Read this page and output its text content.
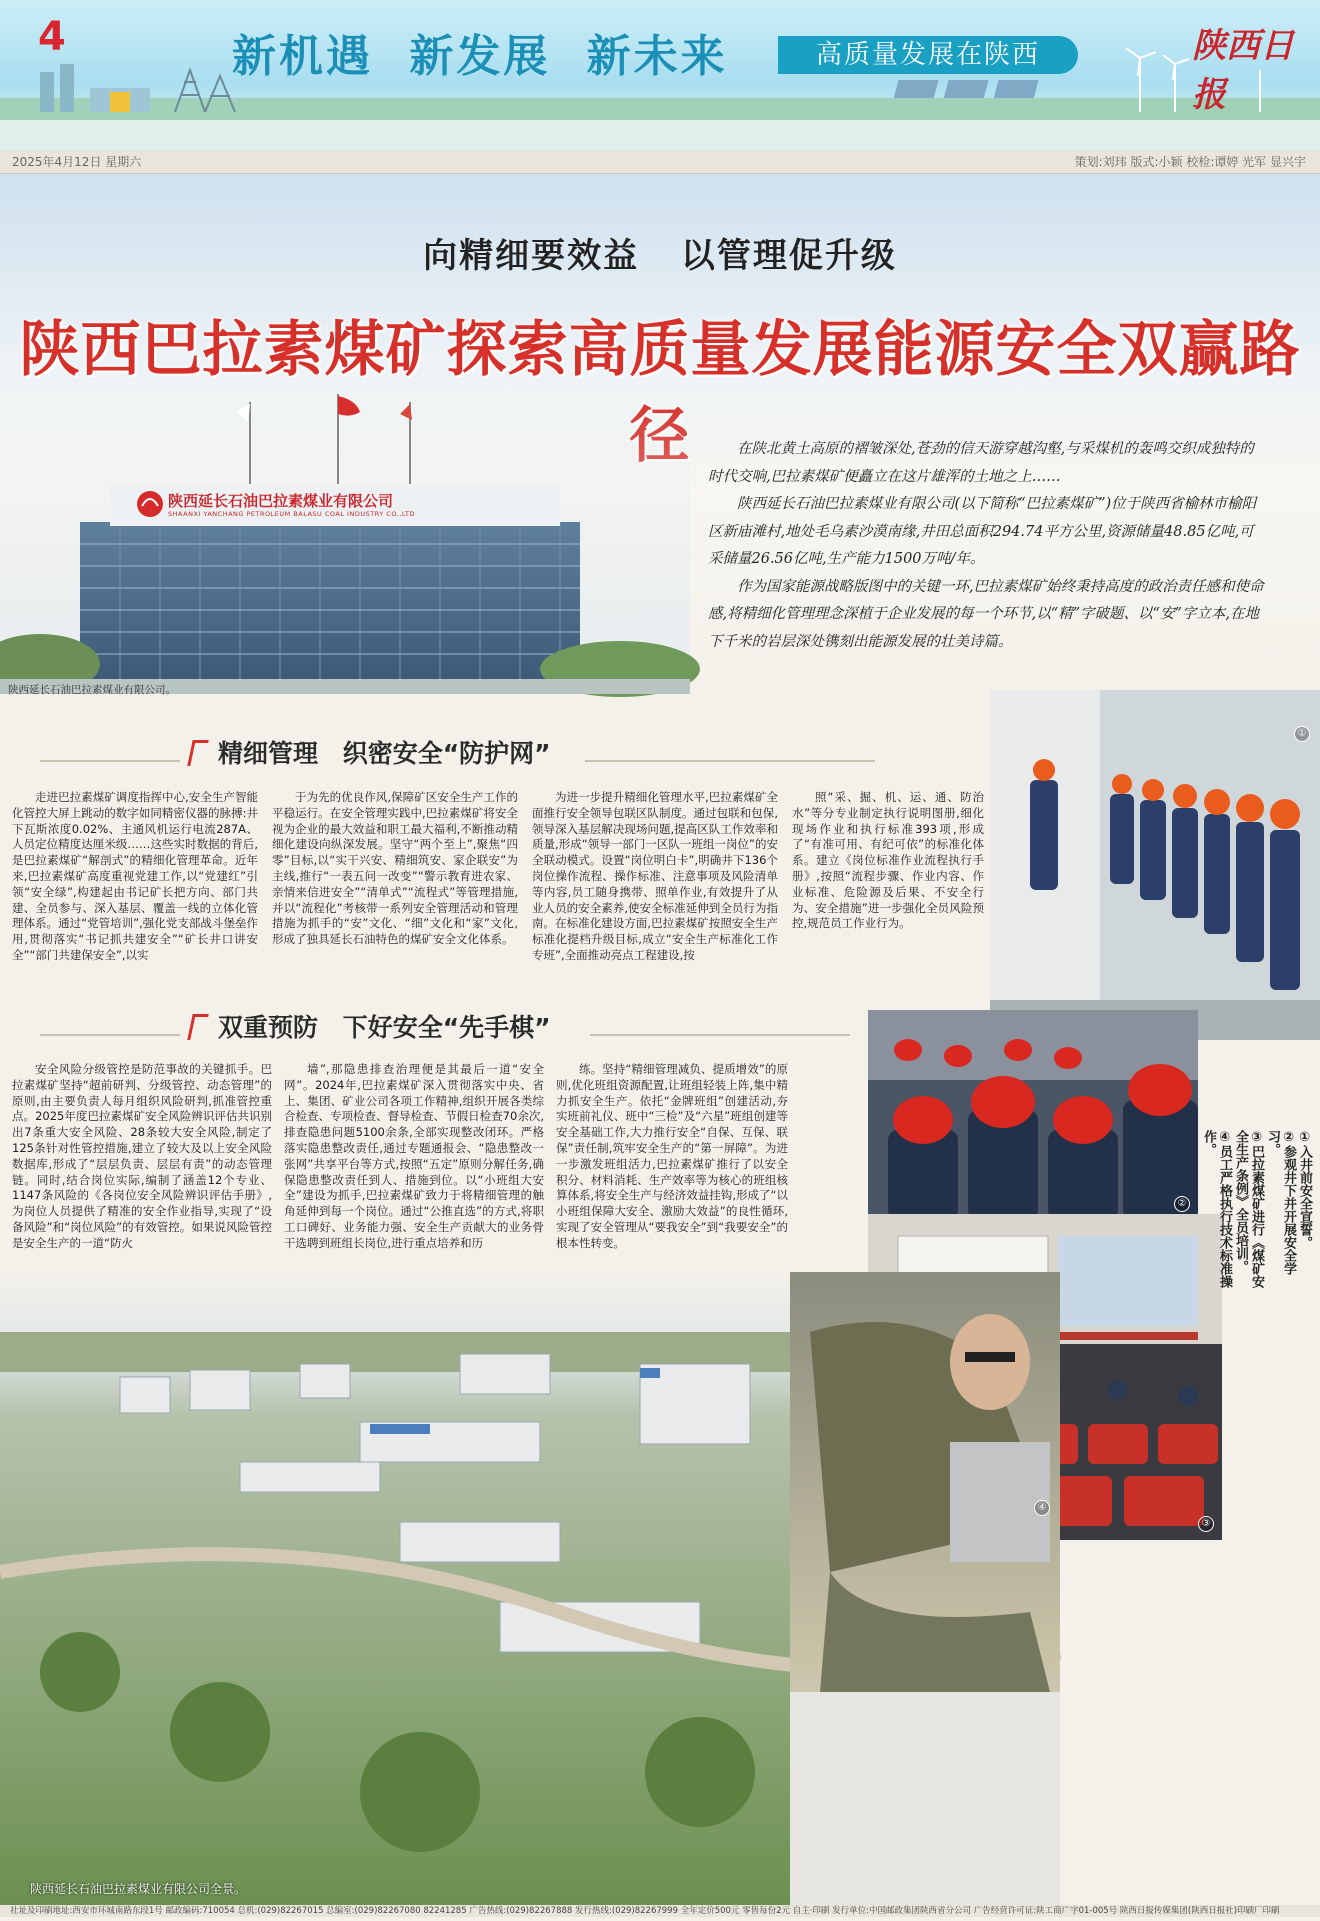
4	新机遇 新发展 新未来	高质量发展在陕西	陕西日报
2025年4月12日 星期六	策划:刘玮 版式:小颖 校检:谭婷 光军 显兴宇
向精细要效益 以管理促升级
陕西巴拉素煤矿探索高质量发展能源安全双赢路
陕西延长石油巴拉素煤业有限公司
SHAANXI YANCHANG PETROLEUM BALASU COAL INDUSTRY CO.,LTD

在陕北黄土高原的褶皱深处,苍劲的信天游穿越沟壑,与采煤机的轰鸣交织成独特的时代交响,巴拉素煤矿便矗立在这片雄浑的土地之上……

陕西延长石油巴拉素煤业有限公司(以下简称“巴拉素煤矿”)位于陕西省榆林市榆阳区新庙滩村,地处毛乌素沙漠南缘,井田总面积294.74平方公里,资源储量48.85亿吨,可采储量26.56亿吨,生产能力1500万吨/年。

作为国家能源战略版图中的关键一环,巴拉素煤矿始终秉持高度的政治责任感和使命感,将精细化管理理念深植于企业发展的每一个环节,以“精”字破题、以“安”字立本,在地下千米的岩层深处镌刻出能源发展的壮美诗篇。

陕西延长石油巴拉素煤业有限公司。
精细管理 织密安全“防护网”

走进巴拉素煤矿调度指挥中心,安全生产智能化管控大屏上跳动的数字如同精密仪器的脉搏:井下瓦斯浓度0.02%、主通风机运行电流287A、人员定位精度达厘米级……这些实时数据的背后,是巴拉素煤矿“解剖式”的精细化管理革命。近年来,巴拉素煤矿高度重视党建工作,以“党建红”引领“安全绿”,构建起由书记矿长把方向、部门共建、全员参与、深入基层、覆盖一线的立体化管理体系。通过“党管培训”,强化党支部战斗堡垒作用,贯彻落实“书记抓共建安全”“矿长井口讲安全”“部门共建保安全”,以实

于为先的优良作风,保障矿区安全生产工作的平稳运行。在安全管理实践中,巴拉素煤矿将安全视为企业的最大效益和职工最大福利,不断推动精细化建设向纵深发展。坚守“两个至上”,聚焦“四零”目标,以“实干兴安、精细筑安、家企联安”为主线,推行“一表五问一改变”“警示教育进农家、亲情来信进安全”“清单式”“流程式”等管理措施,并以“流程化”考核带一系列安全管理活动和管理措施为抓手的“安”文化、“细”文化和“家”文化,形成了独具延长石油特色的煤矿安全文化体系。

为进一步提升精细化管理水平,巴拉素煤矿全面推行安全领导包联区队制度。通过包联和包保,领导深入基层解决现场问题,提高区队工作效率和质量,形成“领导一部门一区队一班组一岗位”的安全联动模式。设置“岗位明白卡”,明确井下136个岗位操作流程、操作标准、注意事项及风险清单等内容,员工随身携带、照单作业,有效提升了从业人员的安全素养,使安全标准延伸到全员行为指南。在标准化建设方面,巴拉素煤矿按照安全生产标准化提档升级目标,成立“安全生产标准化工作专班”,全面推动亮点工程建设,按

照“采、掘、机、运、通、防治水”等分专业制定执行说明图册,细化现场作业和执行标准393项,形成了“有准可用、有纪可依”的标准化体系。建立《岗位标准作业流程执行手册》,按照“流程步骤、作业内容、作业标准、危险源及后果、不安全行为、安全措施”进一步强化全员风险预控,规范员工作业行为。

双重预防 下好安全“先手棋”

安全风险分级管控是防范事故的关键抓手。巴拉素煤矿坚持“超前研判、分级管控、动态管理”的原则,由主要负责人每月组织风险研判,抓准管控重点。2025年度巴拉素煤矿安全风险辨识评估共识别出7条重大安全风险、28条较大安全风险,制定了125条针对性管控措施,建立了较大及以上安全风险数据库,形成了“层层负责、层层有责”的动态管理链。同时,结合岗位实际,编制了涵盖12个专业、1147条风险的《各岗位安全风险辨识评估手册》,为岗位人员提供了精准的安全作业指导,实现了“设备风险”和“岗位风险”的有效管控。如果说风险管控是安全生产的一道“防火

墙”,那隐患排查治理便是其最后一道“安全网”。2024年,巴拉素煤矿深入贯彻落实中央、省上、集团、矿业公司各项工作精神,组织开展各类综合检查、专项检查、督导检查、节假日检查70余次,排查隐患问题5100余条,全部实现整改闭环。严格落实隐患整改责任,通过专题通报会、“隐患整改一张网”共享平台等方式,按照“五定”原则分解任务,确保隐患整改责任到人、措施到位。以“小班组大安全”建设为抓手,巴拉素煤矿致力于将精细管理的触角延伸到每一个岗位。通过“公推直选”的方式,将职工口碑好、业务能力强、安全生产贡献大的业务骨干选聘到班组长岗位,进行重点培养和历

练。坚持“精细管理减负、提质增效”的原则,优化班组资源配置,让班组轻装上阵,集中精力抓安全生产。依托“金牌班组”创建活动,夯实班前礼仪、班中“三检”及“六星”班组创建等安全基础工作,大力推行安全“自保、互保、联保”责任制,筑牢安全生产的“第一屏障”。为进一步激发班组活力,巴拉素煤矿推行了以安全积分、材料消耗、生产效率等为核心的班组核算体系,将安全生产与经济效益挂钩,形成了“以小班组保障大安全、激励大效益”的良性循环,实现了安全管理从“要我安全”到“我要安全”的根本性转变。

①
②
③
①入井前安全宣誓。
②参观井下并开展安全学习。
③巴拉素煤矿进行《煤矿安全生产条例》全员培训。
④员工严格执行技术标准操作。
④
陕西延长石油巴拉素煤业有限公司全景。
社址及印刷地址:西安市环城南路东段1号 邮政编码:710054 总机:(029)82267015 总编室:(029)82267080 82241285 广告热线:(029)82267888 发行热线:(029)82267999 全年定价500元 零售每份2元 自主·印刷 发行单位:中国邮政集团陕西省分公司 广告经营许可证:陕工商广字01-005号 陕西日报传媒集团(陕西日报社)印刷厂印刷
